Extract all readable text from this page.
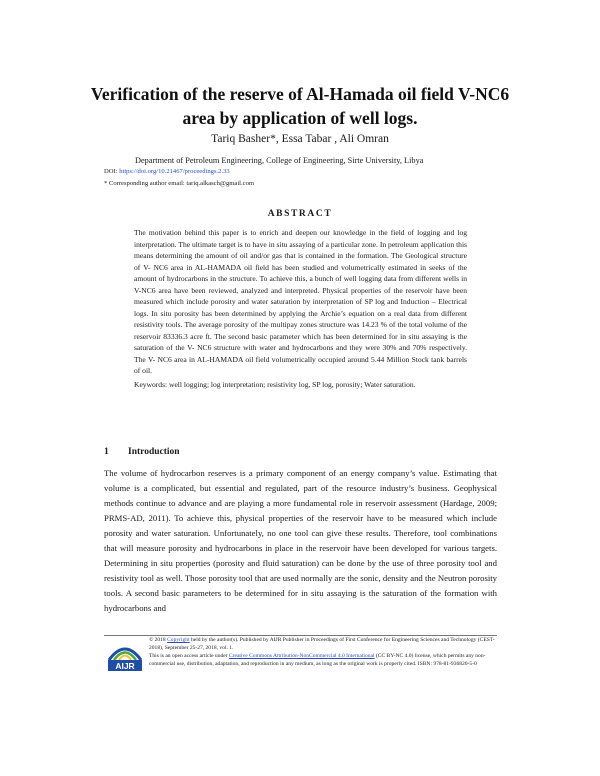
Verification of the reserve of Al-Hamada oil field V-NC6
area by application of well logs.
Tariq Basher*, Essa Tabar , Ali Omran
Department of Petroleum Engineering, College of Engineering, Sirte University, Libya
DOI: https://doi.org/10.21467/proceedings.2.33
* Corresponding author email: tariq.alkasch@gmail.com
ABSTRACT

The motivation behind this paper is to enrich and deepen our knowledge in the field of logging and log interpretation. The ultimate target is to have in situ assaying of a particular zone. In petroleum application this means determining the amount of oil and/or gas that is contained in the formation. The Geological structure of V- NC6 area in AL-HAMADA oil field has been studied and volumetrically estimated in seeks of the amount of hydrocarbons in the structure. To achieve this, a bunch of well logging data from different wells in V-NC6 area have been reviewed, analyzed and interpreted. Physical properties of the reservoir have been measured which include porosity and water saturation by interpretation of SP log and Induction – Electrical logs. In situ porosity has been determined by applying the Archie’s equation on a real data from different resistivity tools. The average porosity of the multipay zones structure was 14.23 % of the total volume of the reservoir 83336.3 acre ft. The second basic parameter which has been determined for in situ assaying is the saturation of the V- NC6 structure with water and hydrocarbons and they were 30% and 70% respectively. The V- NC6 area in AL-HAMADA oil field volumetrically occupied around 5.44 Million Stock tank barrels of oil.

Keywords: well logging; log interpretation; resistivity log, SP log, porosity; Water saturation.

1 Introduction

The volume of hydrocarbon reserves is a primary component of an energy company’s value. Estimating that volume is a complicated, but essential and regulated, part of the resource industry’s business. Geophysical methods continue to advance and are playing a more fundamental role in reservoir assessment (Hardage, 2009; PRMS-AD, 2011). To achieve this, physical properties of the reservoir have to be measured which include porosity and water saturation. Unfortunately, no one tool can give these results. Therefore, tool combinations that will measure porosity and hydrocarbons in place in the reservoir have been developed for various targets. Determining in situ properties (porosity and fluid saturation) can be done by the use of three porosity tool and resistivity tool as well. Those porosity tool that are used normally are the sonic, density and the Neutron porosity tools. A second basic parameters to be determined for in situ assaying is the saturation of the formation with hydrocarbons and

AIJR

© 2018 Copyright held by the author(s). Published by AIJR Publisher in Proceedings of First Conference for Engineering Sciences and Technology (CEST-2018), September 25-27, 2018, vol. 1.

This is an open access article under Creative Commons Attribution-NonCommercial 4.0 International (CC BY-NC 4.0) license, which permits any non-commercial use, distribution, adaptation, and reproduction in any medium, as long as the original work is properly cited. ISBN: 978-81-936820-5-0
